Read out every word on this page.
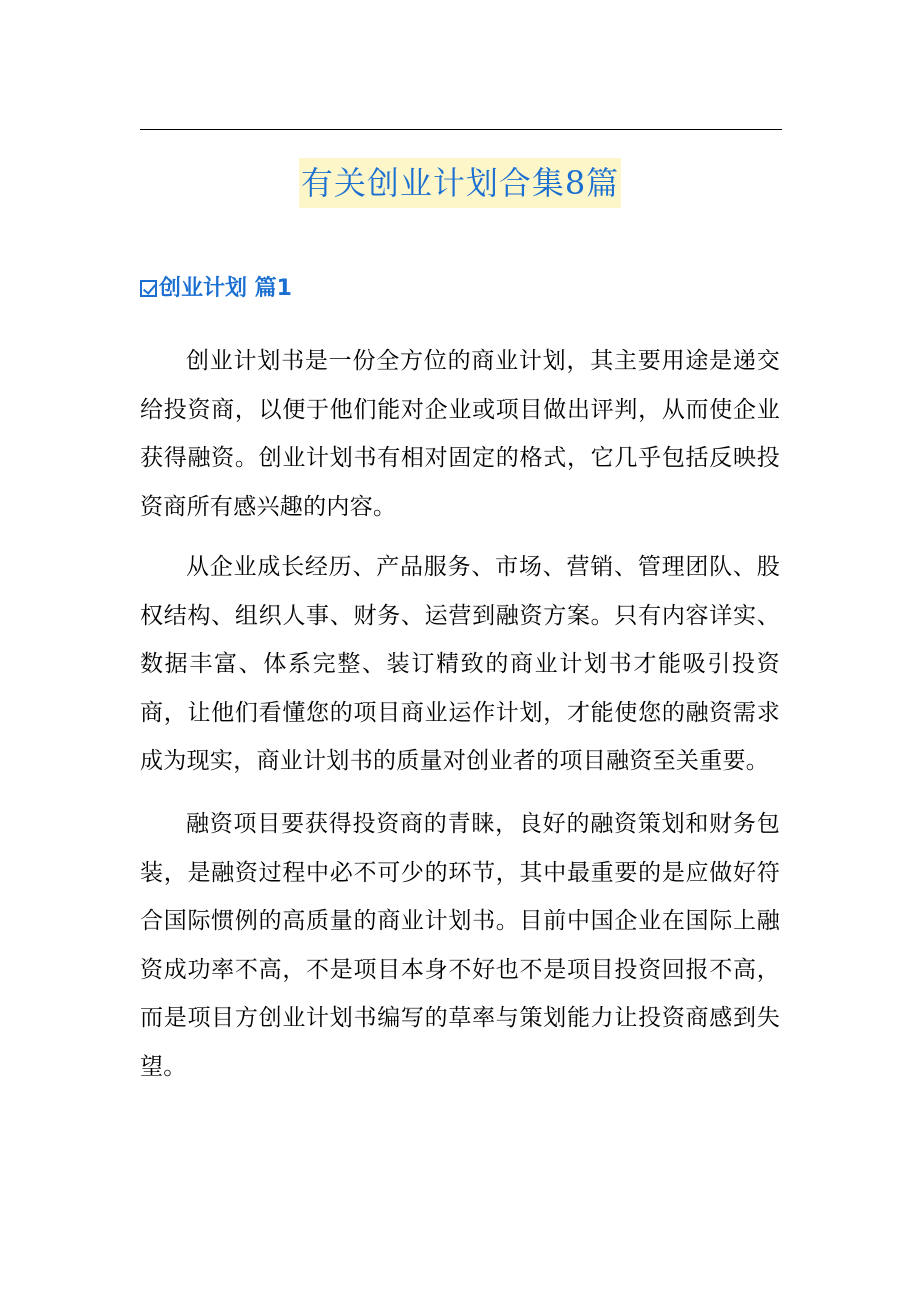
有关创业计划合集8篇
创业计划 篇1

创业计划书是一份全方位的商业计划，其主要用途是递交给投资商，以便于他们能对企业或项目做出评判，从而使企业获得融资。创业计划书有相对固定的格式，它几乎包括反映投资商所有感兴趣的内容。

从企业成长经历、产品服务、市场、营销、管理团队、股权结构、组织人事、财务、运营到融资方案。只有内容详实、数据丰富、体系完整、装订精致的商业计划书才能吸引投资商，让他们看懂您的项目商业运作计划，才能使您的融资需求成为现实，商业计划书的质量对创业者的项目融资至关重要。

融资项目要获得投资商的青睐，良好的融资策划和财务包装，是融资过程中必不可少的环节，其中最重要的是应做好符合国际惯例的高质量的商业计划书。目前中国企业在国际上融资成功率不高，不是项目本身不好也不是项目投资回报不高，而是项目方创业计划书编写的草率与策划能力让投资商感到失望。
